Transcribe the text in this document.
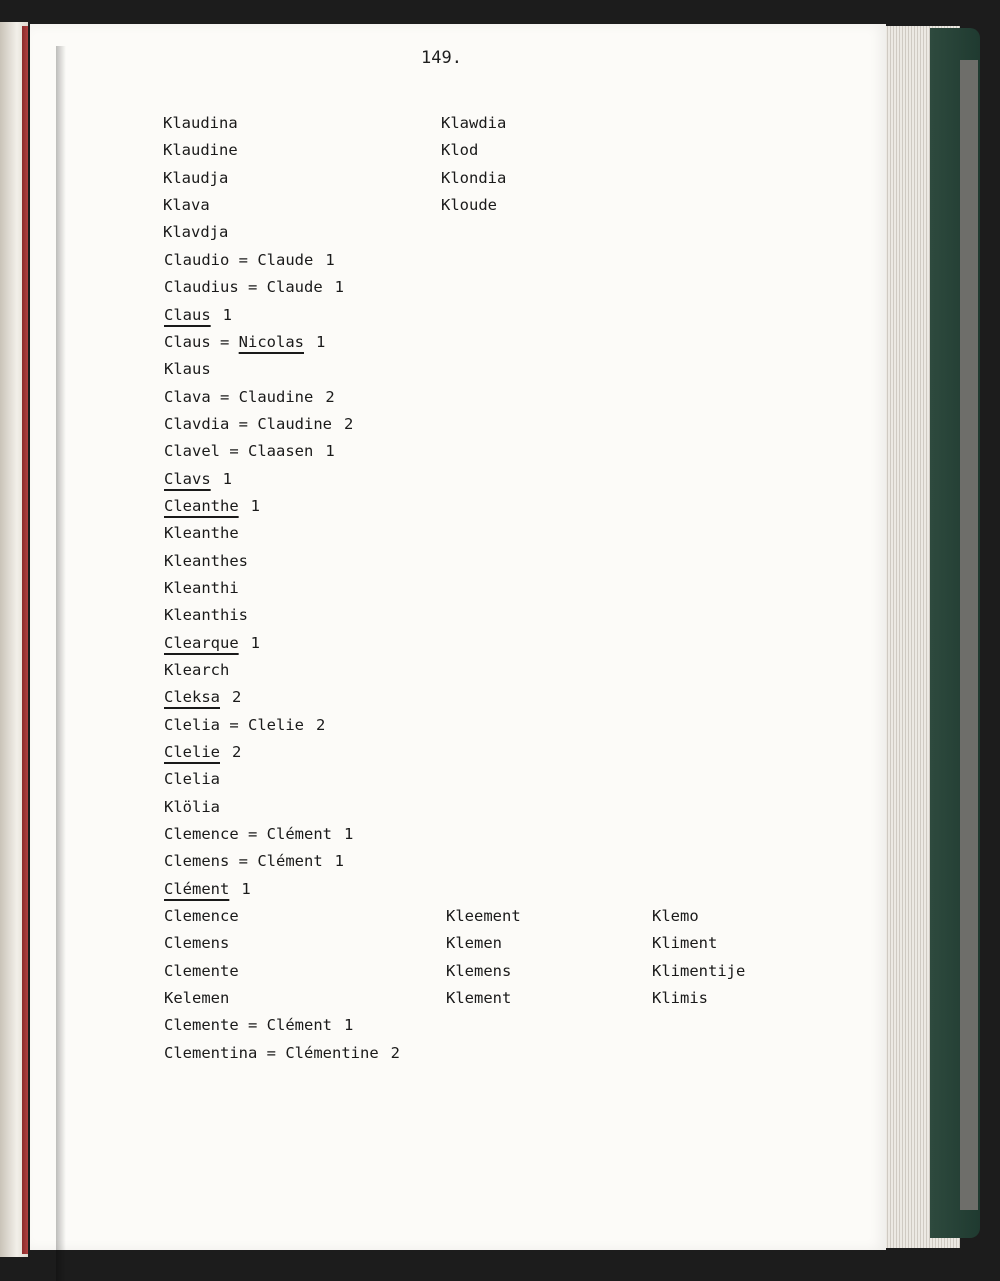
149.
Klaudina
Klaudine
Klaudja
Klava
Klavdja
Klawdia
Klod
Klondia
Kloude
Claudio = Claude 1
Claudius = Claude 1
Claus 1
Claus = Nicolas 1
Klaus
Clava = Claudine 2
Clavdia = Claudine 2
Clavel = Claasen 1
Clavs 1
Cleanthe 1
Kleanthe
Kleanthes
Kleanthi
Kleanthis
Clearque 1
Klearch
Cleksa 2
Clelia = Clelie 2
Clelie 2
Clelia
Klölia
Clemence = Clément 1
Clemens = Clément 1
Clément 1
Clemence
Clemens
Clemente
Kelemen
Clemente = Clément 1
Clementina = Clémentine 2
Kleement
Klemen
Klemens
Klement
Klemo
Kliment
Klimentije
Klimis
